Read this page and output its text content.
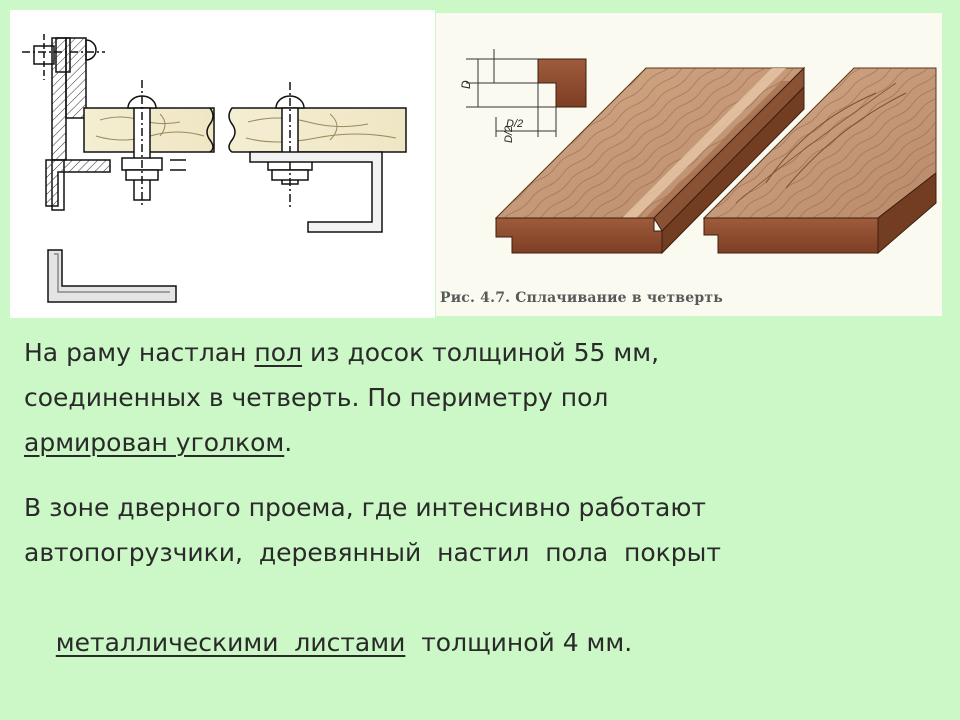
D/2
D
D/2
Рис. 4.7. Сплачивание в четверть
На раму настлан пол из досок толщиной 55 мм,
соединенных в четверть. По периметру пол
армирован уголком.
В зоне дверного проема, где интенсивно работают
автопогрузчики,  деревянный  настил  пола  покрыт

металлическими  листами  толщиной 4 мм.
